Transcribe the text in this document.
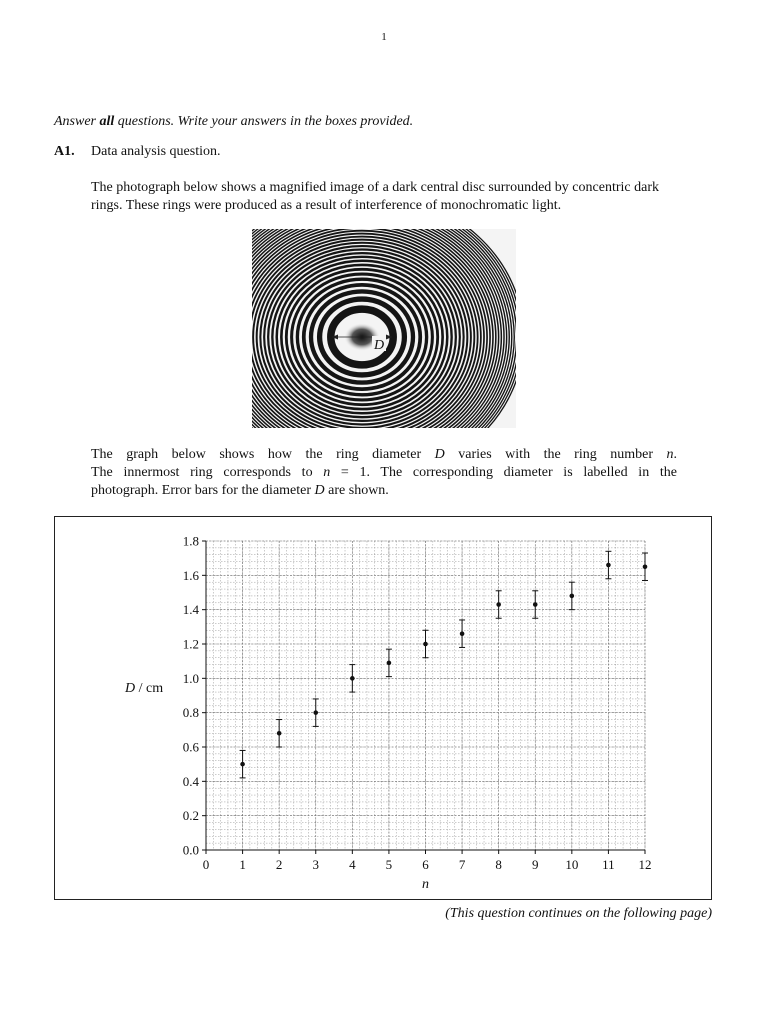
1
Answer all questions. Write your answers in the boxes provided.
A1. Data analysis question.
The photograph below shows a magnified image of a dark central disc surrounded by concentric dark rings. These rings were produced as a result of interference of monochromatic light.
D
The graph below shows how the ring diameter D varies with the ring number n.
The innermost ring corresponds to n = 1. The corresponding diameter is labelled in the
photograph. Error bars for the diameter D are shown.
0 1 2 3 4 5 6 7 8 9 10 11 12
0.0
0.2
0.4
0.6
0.8
1.0
1.2
1.4
1.6
1.8
D / cm
n
(This question continues on the following page)
